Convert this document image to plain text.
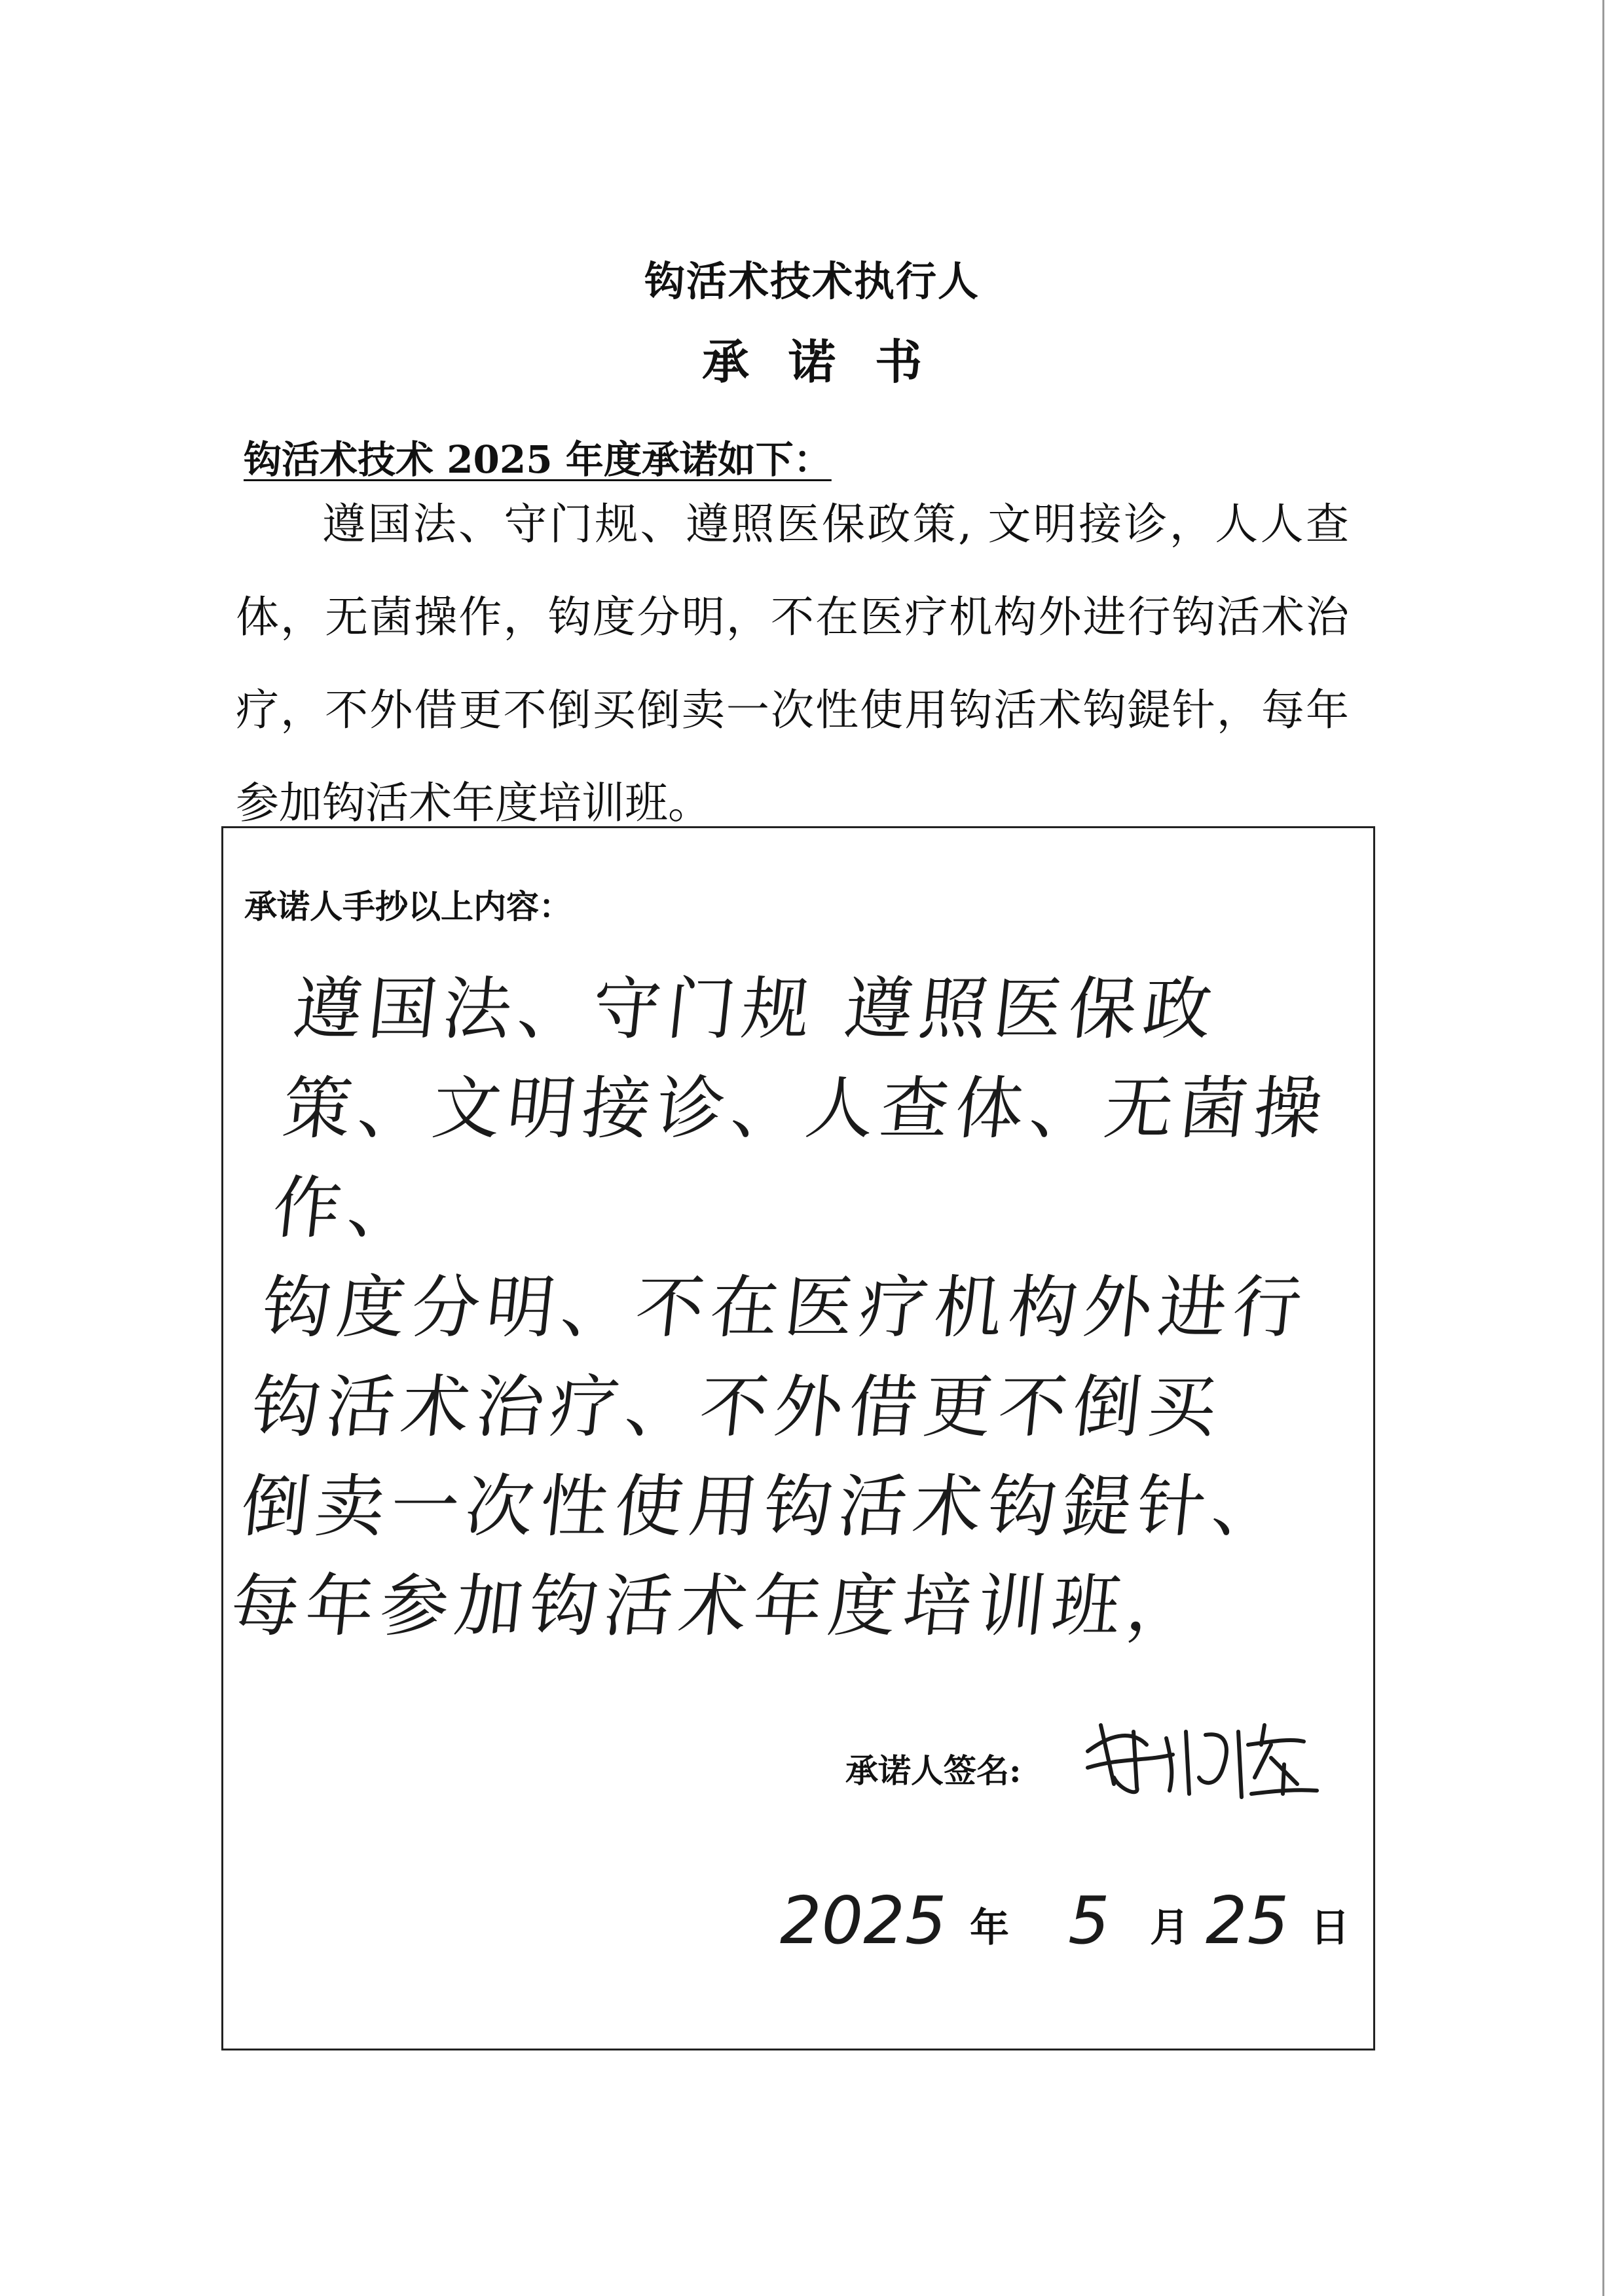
钩活术技术执行人
承诺书
钩活术技术 2025 年度承诺如下：
遵国法、守门规、遵照医保政策, 文明接诊，人人查体，无菌操作，钩度分明，不在医疗机构外进行钩活术治疗，不外借更不倒买倒卖一次性使用钩活术钩鍉针，每年参加钩活术年度培训班。
承诺人手抄以上内容：
遵国法、守门规 遵照医保政
策、文明接诊、人查体、无菌操作、
钩度分明、不在医疗机构外进行
钩活术治疗、不外借更不倒买
倒卖一次性使用钩活术钩鍉针、
每年参加钩活术年度培训班，
承诺人签名:
2025 年 5 月 25 日
